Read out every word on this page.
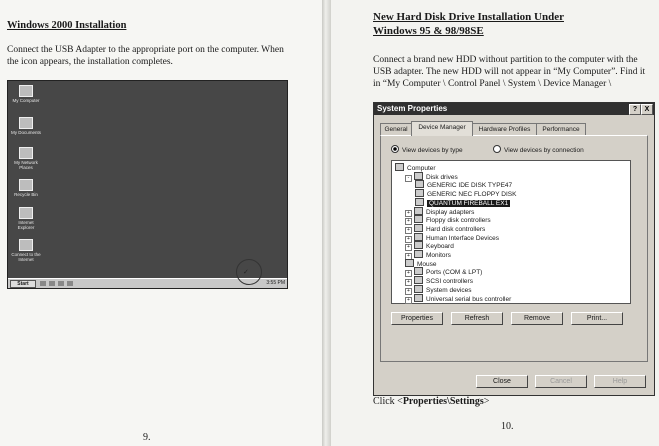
Windows 2000 Installation
Connect the USB Adapter to the appropriate port on the computer. When the icon appears, the installation completes.
My Computer
My Documents
My Network Places
Recycle Bin
Internet Explorer
Connect to the Internet
Start	3:55 PM
✓
9.
New Hard Disk Drive Installation Under
Windows 95 & 98/98SE
Connect a brand new HDD without partition to the computer with the USB adapter. The new HDD will not appear in “My Computer”. Find it in “My Computer \ Control Panel \ System \ Device Manager \
System Properties	?	X
General	Device Manager	Hardware Profiles	Performance
View devices by type	View devices by connection
Computer
-	Disk drives
GENERIC IDE DISK TYPE47
GENERIC NEC FLOPPY DISK
QUANTUM FIREBALL EX1
+ Display adapters
+ Floppy disk controllers
+ Hard disk controllers
+ Human Interface Devices
+ Keyboard
+ Monitors
Mouse
+ Ports (COM & LPT)
+ SCSI controllers
+ System devices
+ Universal serial bus controller
Properties	Refresh	Remove	Print...
Close	Cancel	Help
Click <Properties\Settings>
10.
